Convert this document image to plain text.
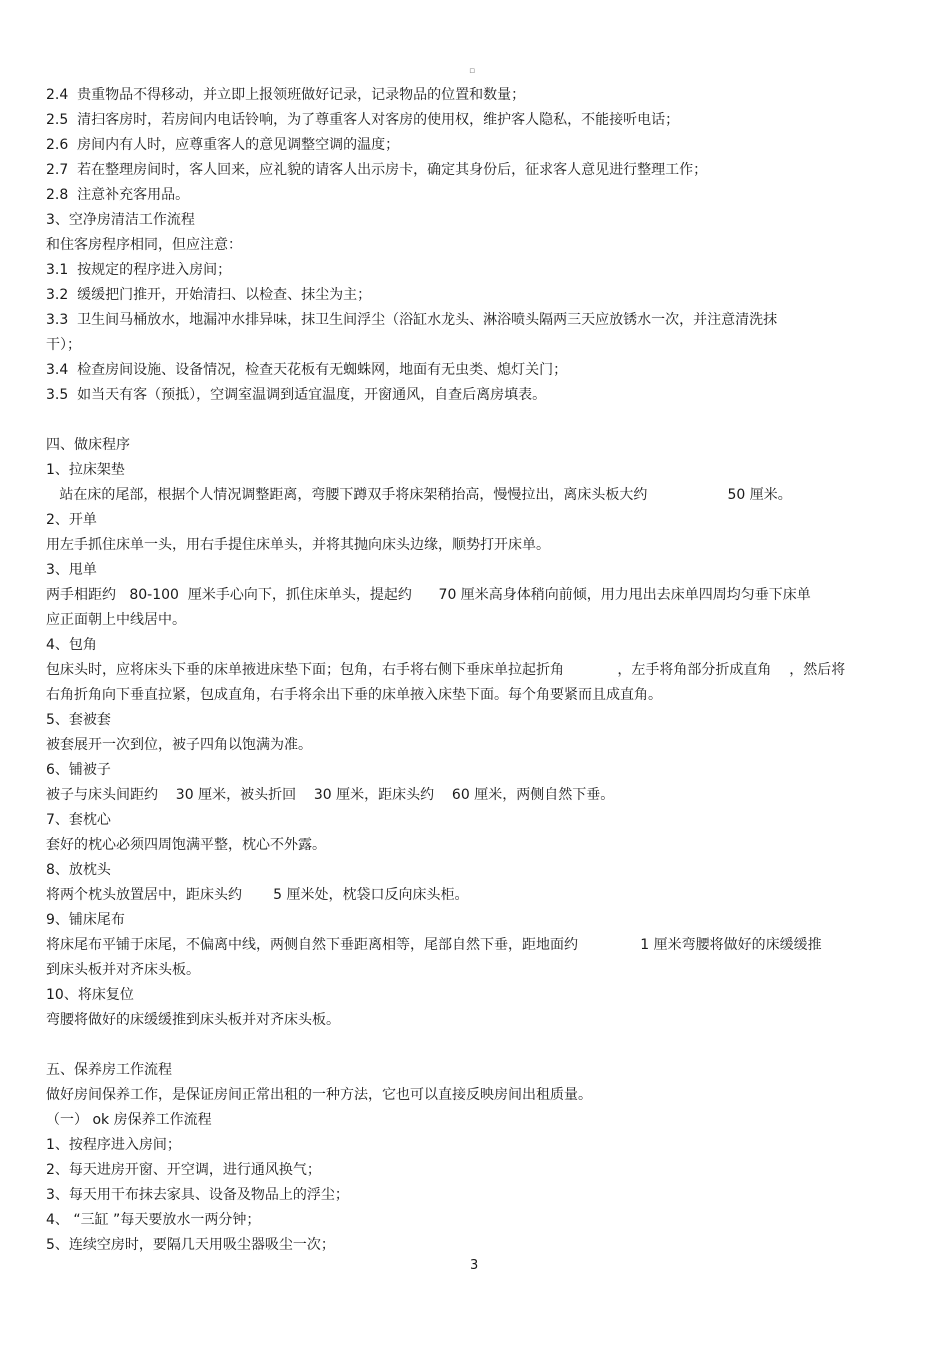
▫
2.4  贵重物品不得移动，并立即上报领班做好记录，记录物品的位置和数量；
2.5  清扫客房时，若房间内电话铃响，为了尊重客人对客房的使用权，维护客人隐私，不能接听电话；
2.6  房间内有人时，应尊重客人的意见调整空调的温度；
2.7  若在整理房间时，客人回来，应礼貌的请客人出示房卡，确定其身份后，征求客人意见进行整理工作；
2.8  注意补充客用品。
3、空净房清洁工作流程
和住客房程序相同，但应注意：
3.1  按规定的程序进入房间；
3.2  缓缓把门推开，开始清扫、以检查、抹尘为主；
3.3  卫生间马桶放水，地漏冲水排异味，抹卫生间浮尘（浴缸水龙头、淋浴喷头隔两三天应放锈水一次，并注意清洗抹
干）；
3.4  检查房间设施、设备情况，检查天花板有无蜘蛛网，地面有无虫类、熄灯关门；
3.5  如当天有客（预抵），空调室温调到适宜温度，开窗通风，自查后离房填表。
四、做床程序
1、拉床架垫
站在床的尾部，根据个人情况调整距离，弯腰下蹲双手将床架稍抬高，慢慢拉出，离床头板大约                  50 厘米。
2、开单
用左手抓住床单一头，用右手提住床单头，并将其抛向床头边缘，顺势打开床单。
3、甩单
两手相距约   80-100  厘米手心向下，抓住床单头，提起约      70 厘米高身体稍向前倾，用力甩出去床单四周均匀垂下床单
应正面朝上中线居中。
4、包角
包床头时，应将床头下垂的床单掖进床垫下面；包角，右手将右侧下垂床单拉起折角            ，左手将角部分折成直角    ，然后将
右角折角向下垂直拉紧，包成直角，右手将余出下垂的床单掖入床垫下面。每个角要紧而且成直角。
5、套被套
被套展开一次到位，被子四角以饱满为准。
6、铺被子
被子与床头间距约    30 厘米，被头折回    30 厘米，距床头约    60 厘米，两侧自然下垂。
7、套枕心
套好的枕心必须四周饱满平整，枕心不外露。
8、放枕头
将两个枕头放置居中，距床头约       5 厘米处，枕袋口反向床头柜。
9、铺床尾布
将床尾布平铺于床尾，不偏离中线，两侧自然下垂距离相等，尾部自然下垂，距地面约              1 厘米弯腰将做好的床缓缓推
到床头板并对齐床头板。
10、将床复位
弯腰将做好的床缓缓推到床头板并对齐床头板。
五、保养房工作流程
做好房间保养工作，是保证房间正常出租的一种方法，它也可以直接反映房间出租质量。
（一） ok 房保养工作流程
1、按程序进入房间；
2、每天进房开窗、开空调，进行通风换气；
3、每天用干布抹去家具、设备及物品上的浮尘；
4、 “三缸 ”每天要放水一两分钟；
5、连续空房时，要隔几天用吸尘器吸尘一次；
3
